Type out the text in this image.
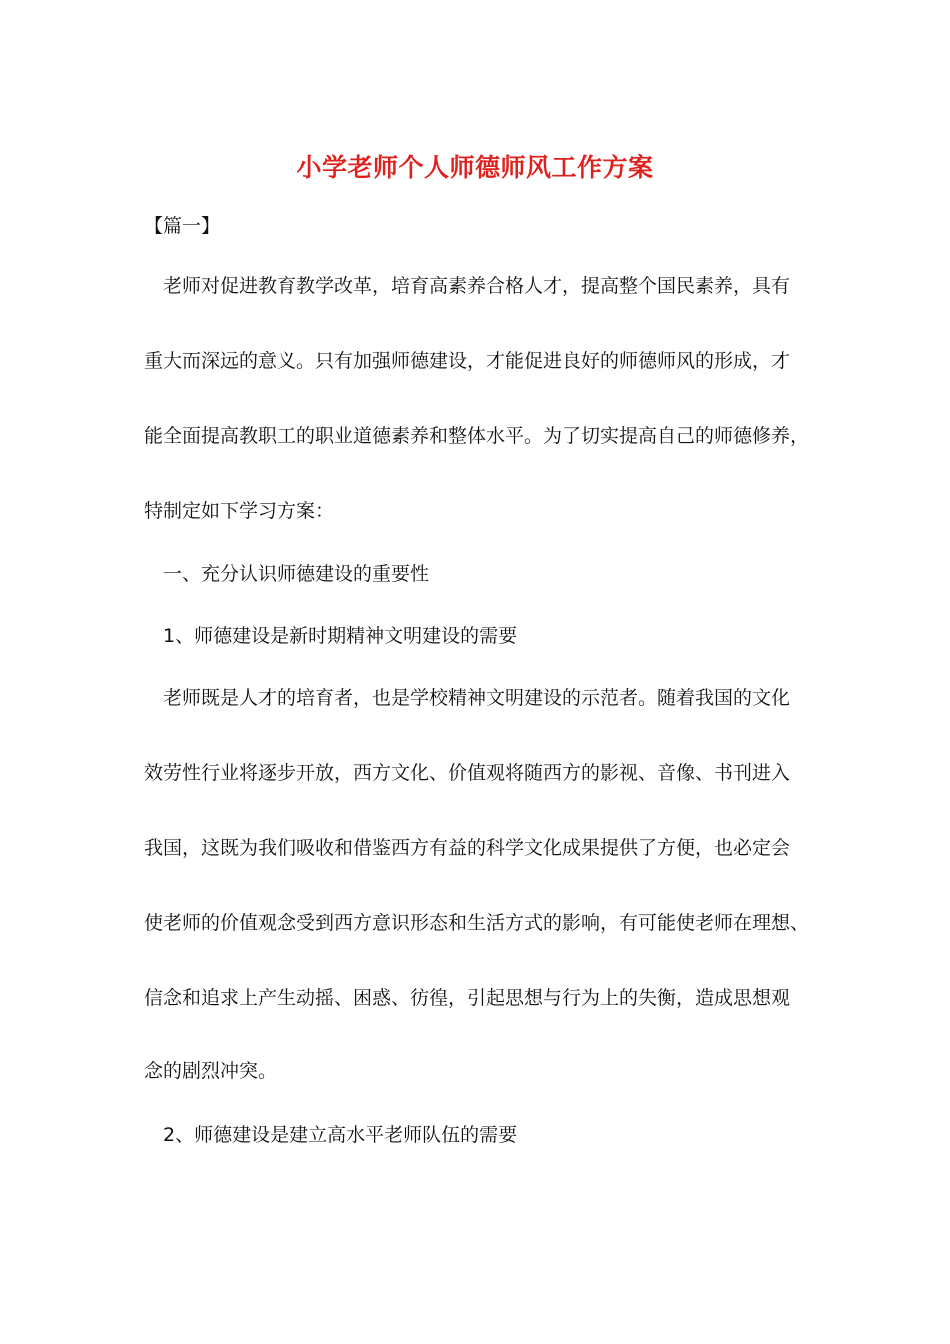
小学老师个人师德师风工作方案
【篇一】
老师对促进教育教学改革，培育高素养合格人才，提高整个国民素养，具有
重大而深远的意义。只有加强师德建设，才能促进良好的师德师风的形成，才
能全面提高教职工的职业道德素养和整体水平。为了切实提高自己的师德修养，
特制定如下学习方案：
一、充分认识师德建设的重要性
1、师德建设是新时期精神文明建设的需要
老师既是人才的培育者，也是学校精神文明建设的示范者。随着我国的文化
效劳性行业将逐步开放，西方文化、价值观将随西方的影视、音像、书刊进入
我国，这既为我们吸收和借鉴西方有益的科学文化成果提供了方便，也必定会
使老师的价值观念受到西方意识形态和生活方式的影响，有可能使老师在理想、
信念和追求上产生动摇、困惑、彷徨，引起思想与行为上的失衡，造成思想观
念的剧烈冲突。
2、师德建设是建立高水平老师队伍的需要
